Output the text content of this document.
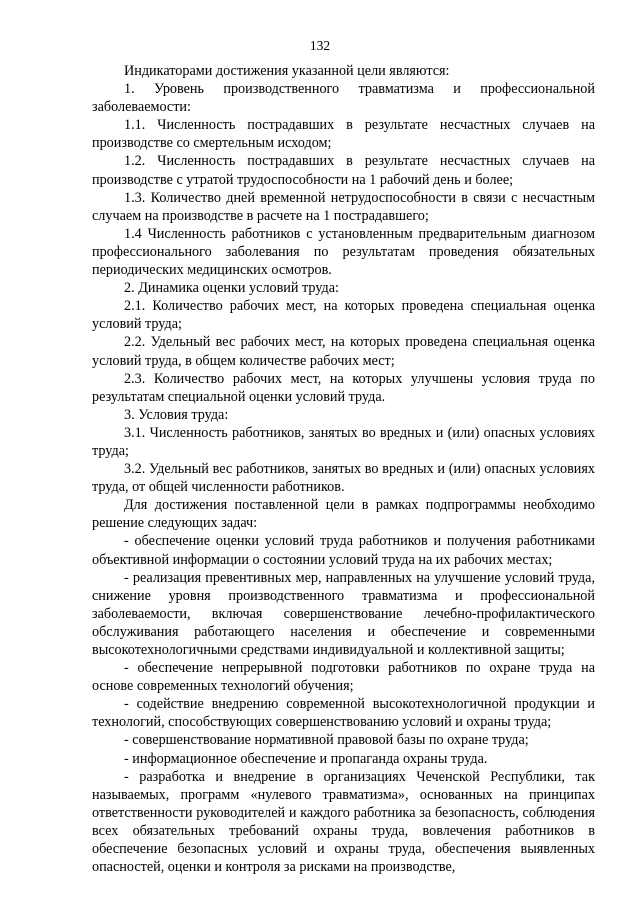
132

Индикаторами достижения указанной цели являются:

1. Уровень производственного травматизма и профессиональной заболеваемости:

1.1. Численность пострадавших в результате несчастных случаев на производстве со смертельным исходом;

1.2. Численность пострадавших в результате несчастных случаев на производстве с утратой трудоспособности на 1 рабочий день и более;

1.3. Количество дней временной нетрудоспособности в связи с несчастным случаем на производстве в расчете на 1 пострадавшего;

1.4 Численность работников с установленным предварительным диагнозом профессионального заболевания по результатам проведения обязательных периодических медицинских осмотров.

2. Динамика оценки условий труда:

2.1. Количество рабочих мест, на которых проведена специальная оценка условий труда;

2.2. Удельный вес рабочих мест, на которых проведена специальная оценка условий труда, в общем количестве рабочих мест;

2.3. Количество рабочих мест, на которых улучшены условия труда по результатам специальной оценки условий труда.

3. Условия труда:

3.1. Численность работников, занятых во вредных и (или) опасных условиях труда;

3.2. Удельный вес работников, занятых во вредных и (или) опасных условиях труда, от общей численности работников.

Для достижения поставленной цели в рамках подпрограммы необходимо решение следующих задач:

- обеспечение оценки условий труда работников и получения работниками объективной информации о состоянии условий труда на их рабочих местах;

- реализация превентивных мер, направленных на улучшение условий труда, снижение уровня производственного травматизма и профессиональной заболеваемости, включая совершенствование лечебно-профилактического обслуживания работающего населения и обеспечение и современными высокотехнологичными средствами индивидуальной и коллективной защиты;

- обеспечение непрерывной подготовки работников по охране труда на основе современных технологий обучения;

- содействие внедрению современной высокотехнологичной продукции и технологий, способствующих совершенствованию условий и охраны труда;

- совершенствование нормативной правовой базы по охране труда;

- информационное обеспечение и пропаганда охраны труда.

- разработка и внедрение в организациях Чеченской Республики, так называемых, программ «нулевого травматизма», основанных на принципах ответственности руководителей и каждого работника за безопасность, соблюдения всех обязательных требований охраны труда, вовлечения работников в обеспечение безопасных условий и охраны труда, обеспечения выявленных опасностей, оценки и контроля за рисками на производстве,
